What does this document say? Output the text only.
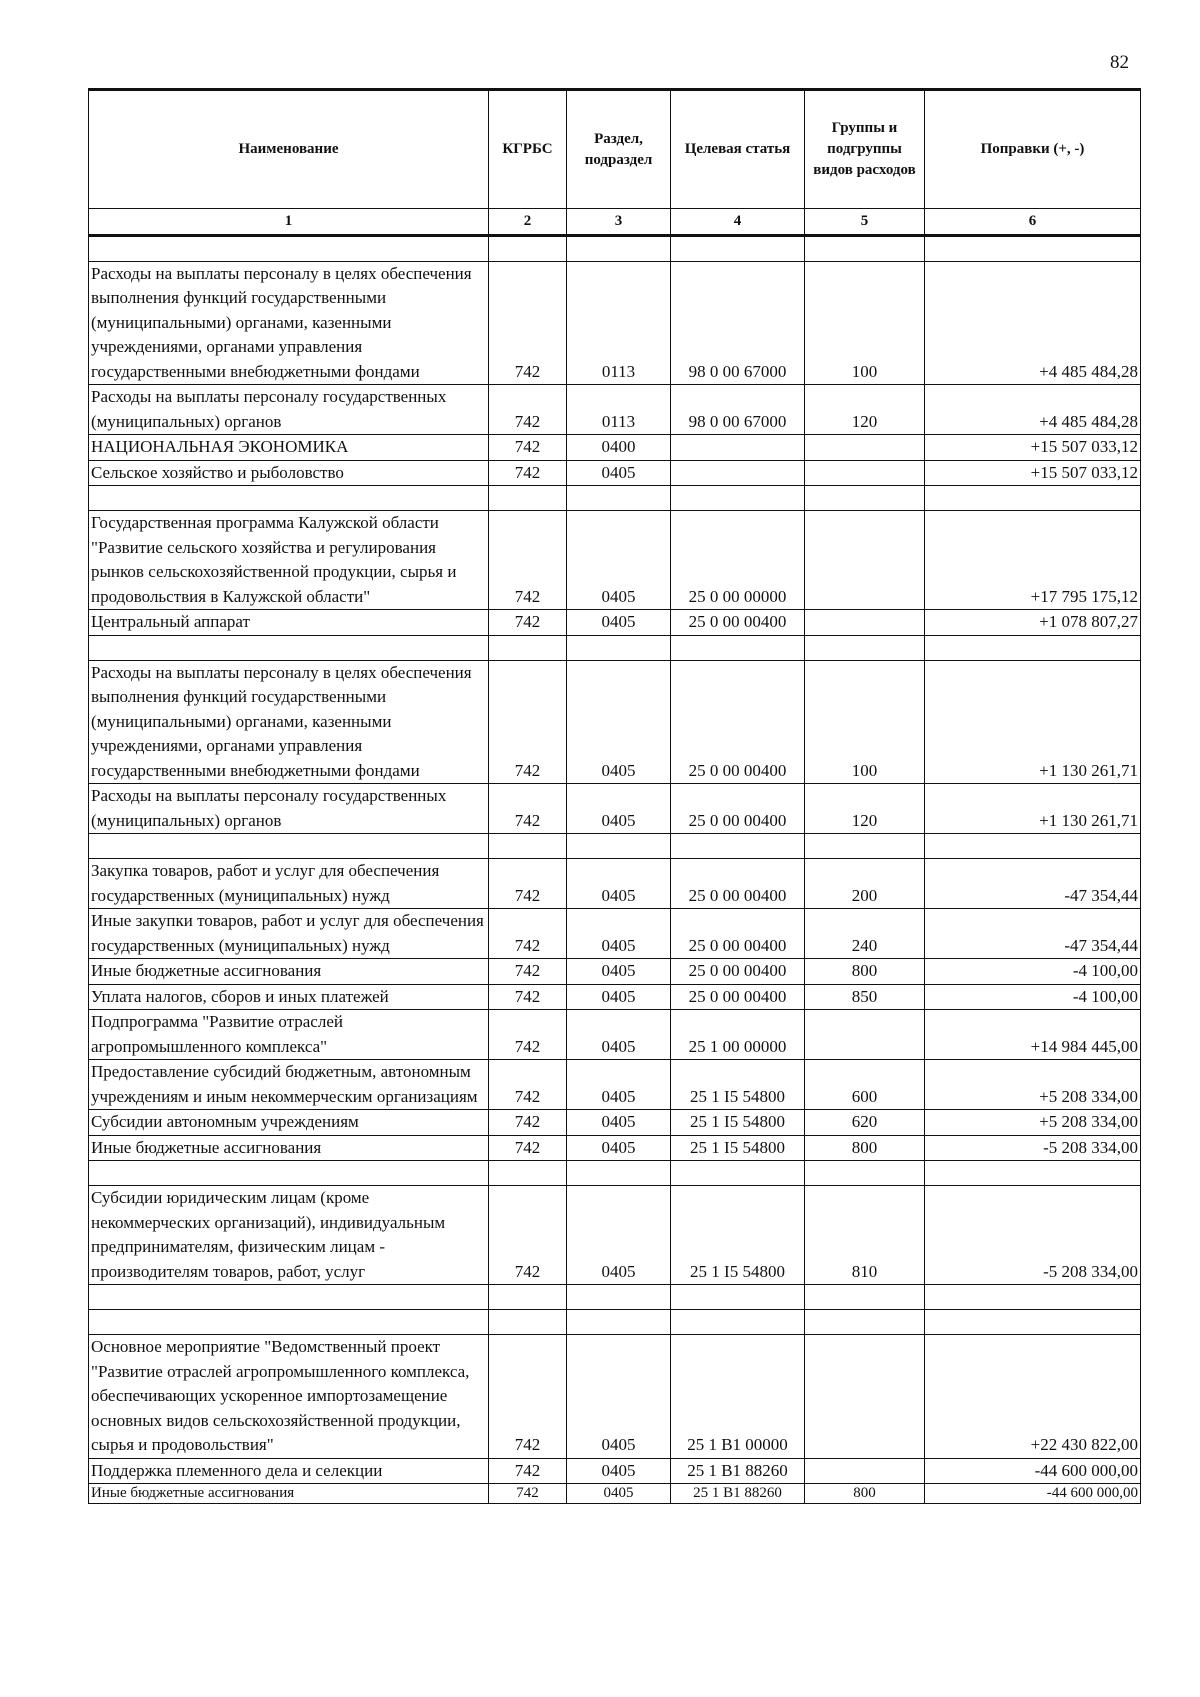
82
Наименование	КГРБС	Раздел, подраздел	Целевая статья	Группы и подгруппы видов расходов	Поправки (+, -)
1	2	3	4	5	6

Расходы на выплаты персоналу в целях обеспечения выполнения функций государственными (муниципальными) органами, казенными учреждениями, органами управления государственными внебюджетными фондами	742	0113	98 0 00 67000	100	+4 485 484,28
Расходы на выплаты персоналу государственных (муниципальных) органов	742	0113	98 0 00 67000	120	+4 485 484,28
НАЦИОНАЛЬНАЯ ЭКОНОМИКА	742	0400			+15 507 033,12
Сельское хозяйство и рыболовство	742	0405			+15 507 033,12

Государственная программа Калужской области "Развитие сельского хозяйства и регулирования рынков сельскохозяйственной продукции, сырья и продовольствия в Калужской области"	742	0405	25 0 00 00000		+17 795 175,12
Центральный аппарат	742	0405	25 0 00 00400		+1 078 807,27

Расходы на выплаты персоналу в целях обеспечения выполнения функций государственными (муниципальными) органами, казенными учреждениями, органами управления государственными внебюджетными фондами	742	0405	25 0 00 00400	100	+1 130 261,71
Расходы на выплаты персоналу государственных (муниципальных) органов	742	0405	25 0 00 00400	120	+1 130 261,71

Закупка товаров, работ и услуг для обеспечения государственных (муниципальных) нужд	742	0405	25 0 00 00400	200	-47 354,44
Иные закупки товаров, работ и услуг для обеспечения государственных (муниципальных) нужд	742	0405	25 0 00 00400	240	-47 354,44
Иные бюджетные ассигнования	742	0405	25 0 00 00400	800	-4 100,00
Уплата налогов, сборов и иных платежей	742	0405	25 0 00 00400	850	-4 100,00
Подпрограмма "Развитие отраслей агропромышленного комплекса"	742	0405	25 1 00 00000		+14 984 445,00
Предоставление субсидий бюджетным, автономным учреждениям и иным некоммерческим организациям	742	0405	25 1 I5 54800	600	+5 208 334,00
Субсидии автономным учреждениям	742	0405	25 1 I5 54800	620	+5 208 334,00
Иные бюджетные ассигнования	742	0405	25 1 I5 54800	800	-5 208 334,00

Субсидии юридическим лицам (кроме некоммерческих организаций), индивидуальным предпринимателям, физическим лицам - производителям товаров, работ, услуг	742	0405	25 1 I5 54800	810	-5 208 334,00

Основное мероприятие "Ведомственный проект "Развитие отраслей агропромышленного комплекса, обеспечивающих ускоренное импортозамещение основных видов сельскохозяйственной продукции, сырья и продовольствия"	742	0405	25 1 B1 00000		+22 430 822,00
Поддержка племенного дела и селекции	742	0405	25 1 B1 88260		-44 600 000,00
Иные бюджетные ассигнования	742	0405	25 1 B1 88260	800	-44 600 000,00
